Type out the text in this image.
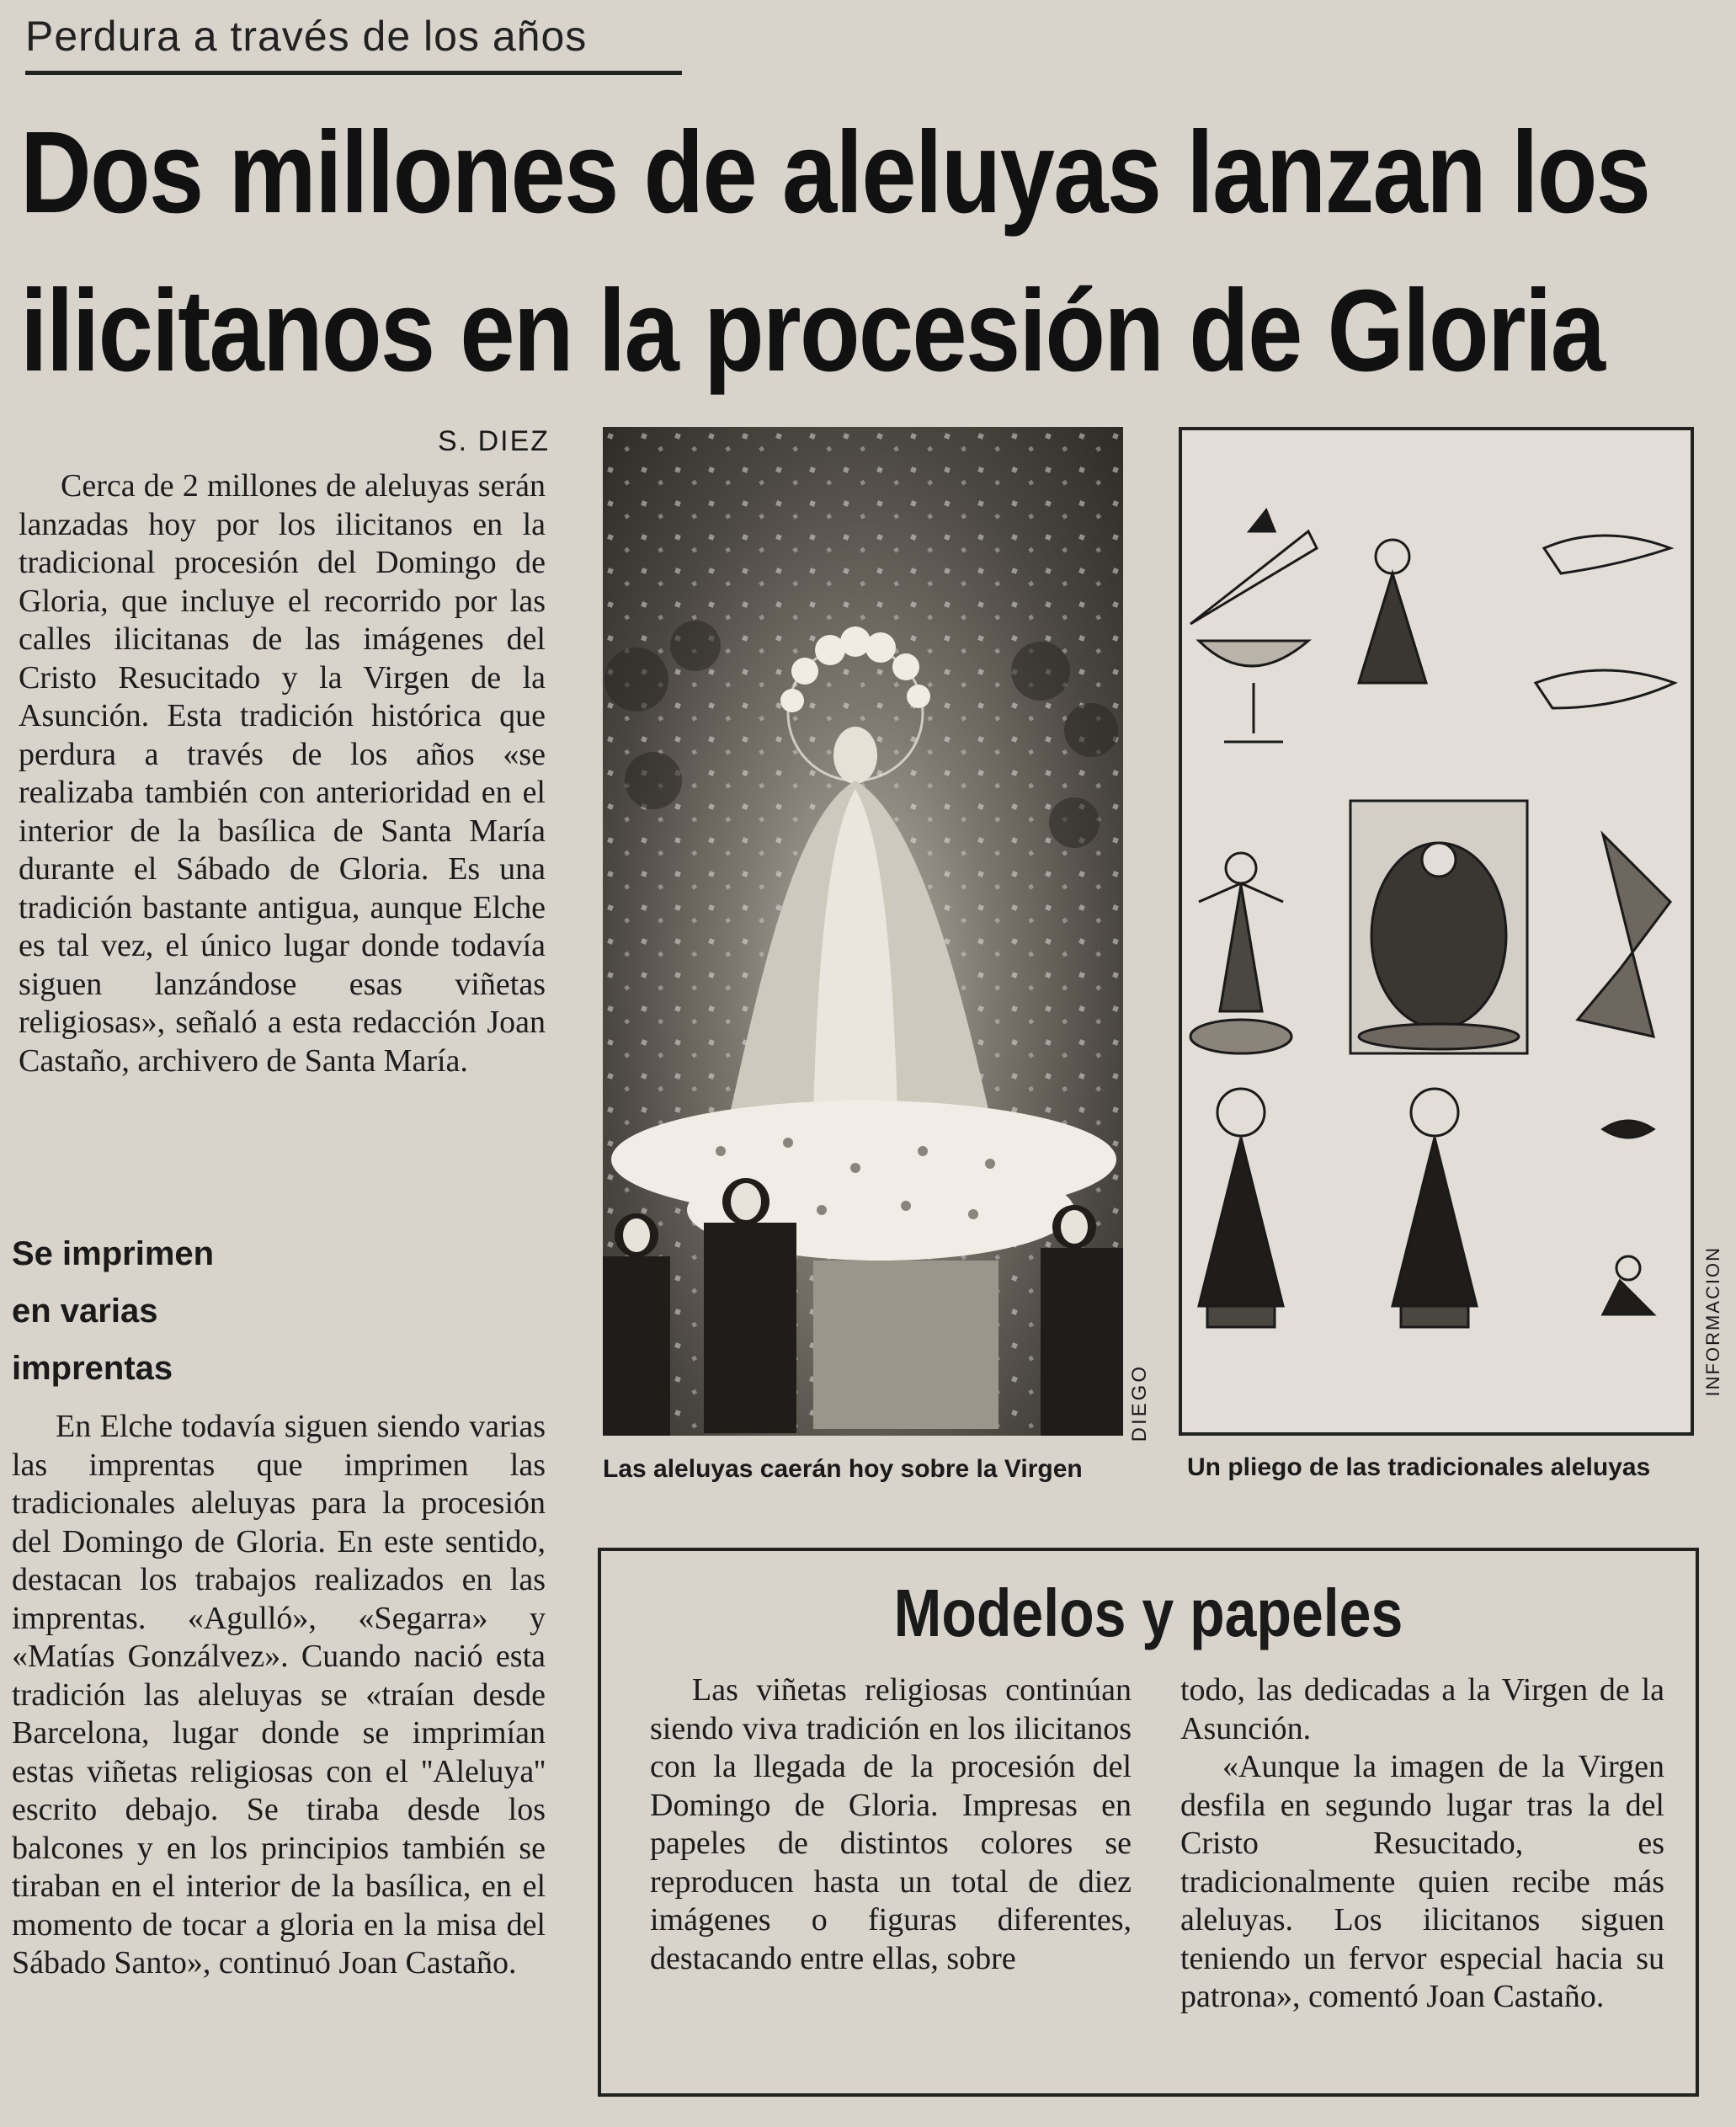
Perdura a través de los años
Dos millones de aleluyas lanzan los
ilicitanos en la procesión de Gloria
S. DIEZ

Cerca de 2 millones de aleluyas serán lanzadas hoy por los ilicitanos en la tradicional procesión del Domingo de Gloria, que incluye el recorrido por las calles ilicitanas de las imágenes del Cristo Resucitado y la Virgen de la Asunción. Esta tradición histórica que perdura a través de los años «se realizaba también con anterioridad en el interior de la basílica de Santa María durante el Sábado de Gloria. Es una tradición bastante antigua, aunque Elche es tal vez, el único lugar donde todavía siguen lanzándose esas viñetas religiosas», señaló a esta redacción Joan Castaño, archivero de Santa María.

Se imprimen
en varias
imprentas

En Elche todavía siguen siendo varias las imprentas que imprimen las tradicionales aleluyas para la procesión del Domingo de Gloria. En este sentido, destacan los trabajos realizados en las imprentas. «Agulló», «Segarra» y «Matías Gonzálvez». Cuando nació esta tradición las aleluyas se «traían desde Barcelona, lugar donde se imprimían estas viñetas religiosas con el ''Aleluya'' escrito debajo. Se tiraba desde los balcones y en los principios también se tiraban en el interior de la basílica, en el momento de tocar a gloria en la misa del Sábado Santo», continuó Joan Castaño.

DIEGO
Las aleluyas caerán hoy sobre la Virgen
INFORMACION
Un pliego de las tradicionales aleluyas
Modelos y papeles

Las viñetas religiosas continúan siendo viva tradición en los ilicitanos con la llegada de la procesión del Domingo de Gloria. Impresas en papeles de distintos colores se reproducen hasta un total de diez imágenes o figuras diferentes, destacando entre ellas, sobre

todo, las dedicadas a la Virgen de la Asunción.

«Aunque la imagen de la Virgen desfila en segundo lugar tras la del Cristo Resucitado, es tradicionalmente quien recibe más aleluyas. Los ilicitanos siguen teniendo un fervor especial hacia su patrona», comentó Joan Castaño.
